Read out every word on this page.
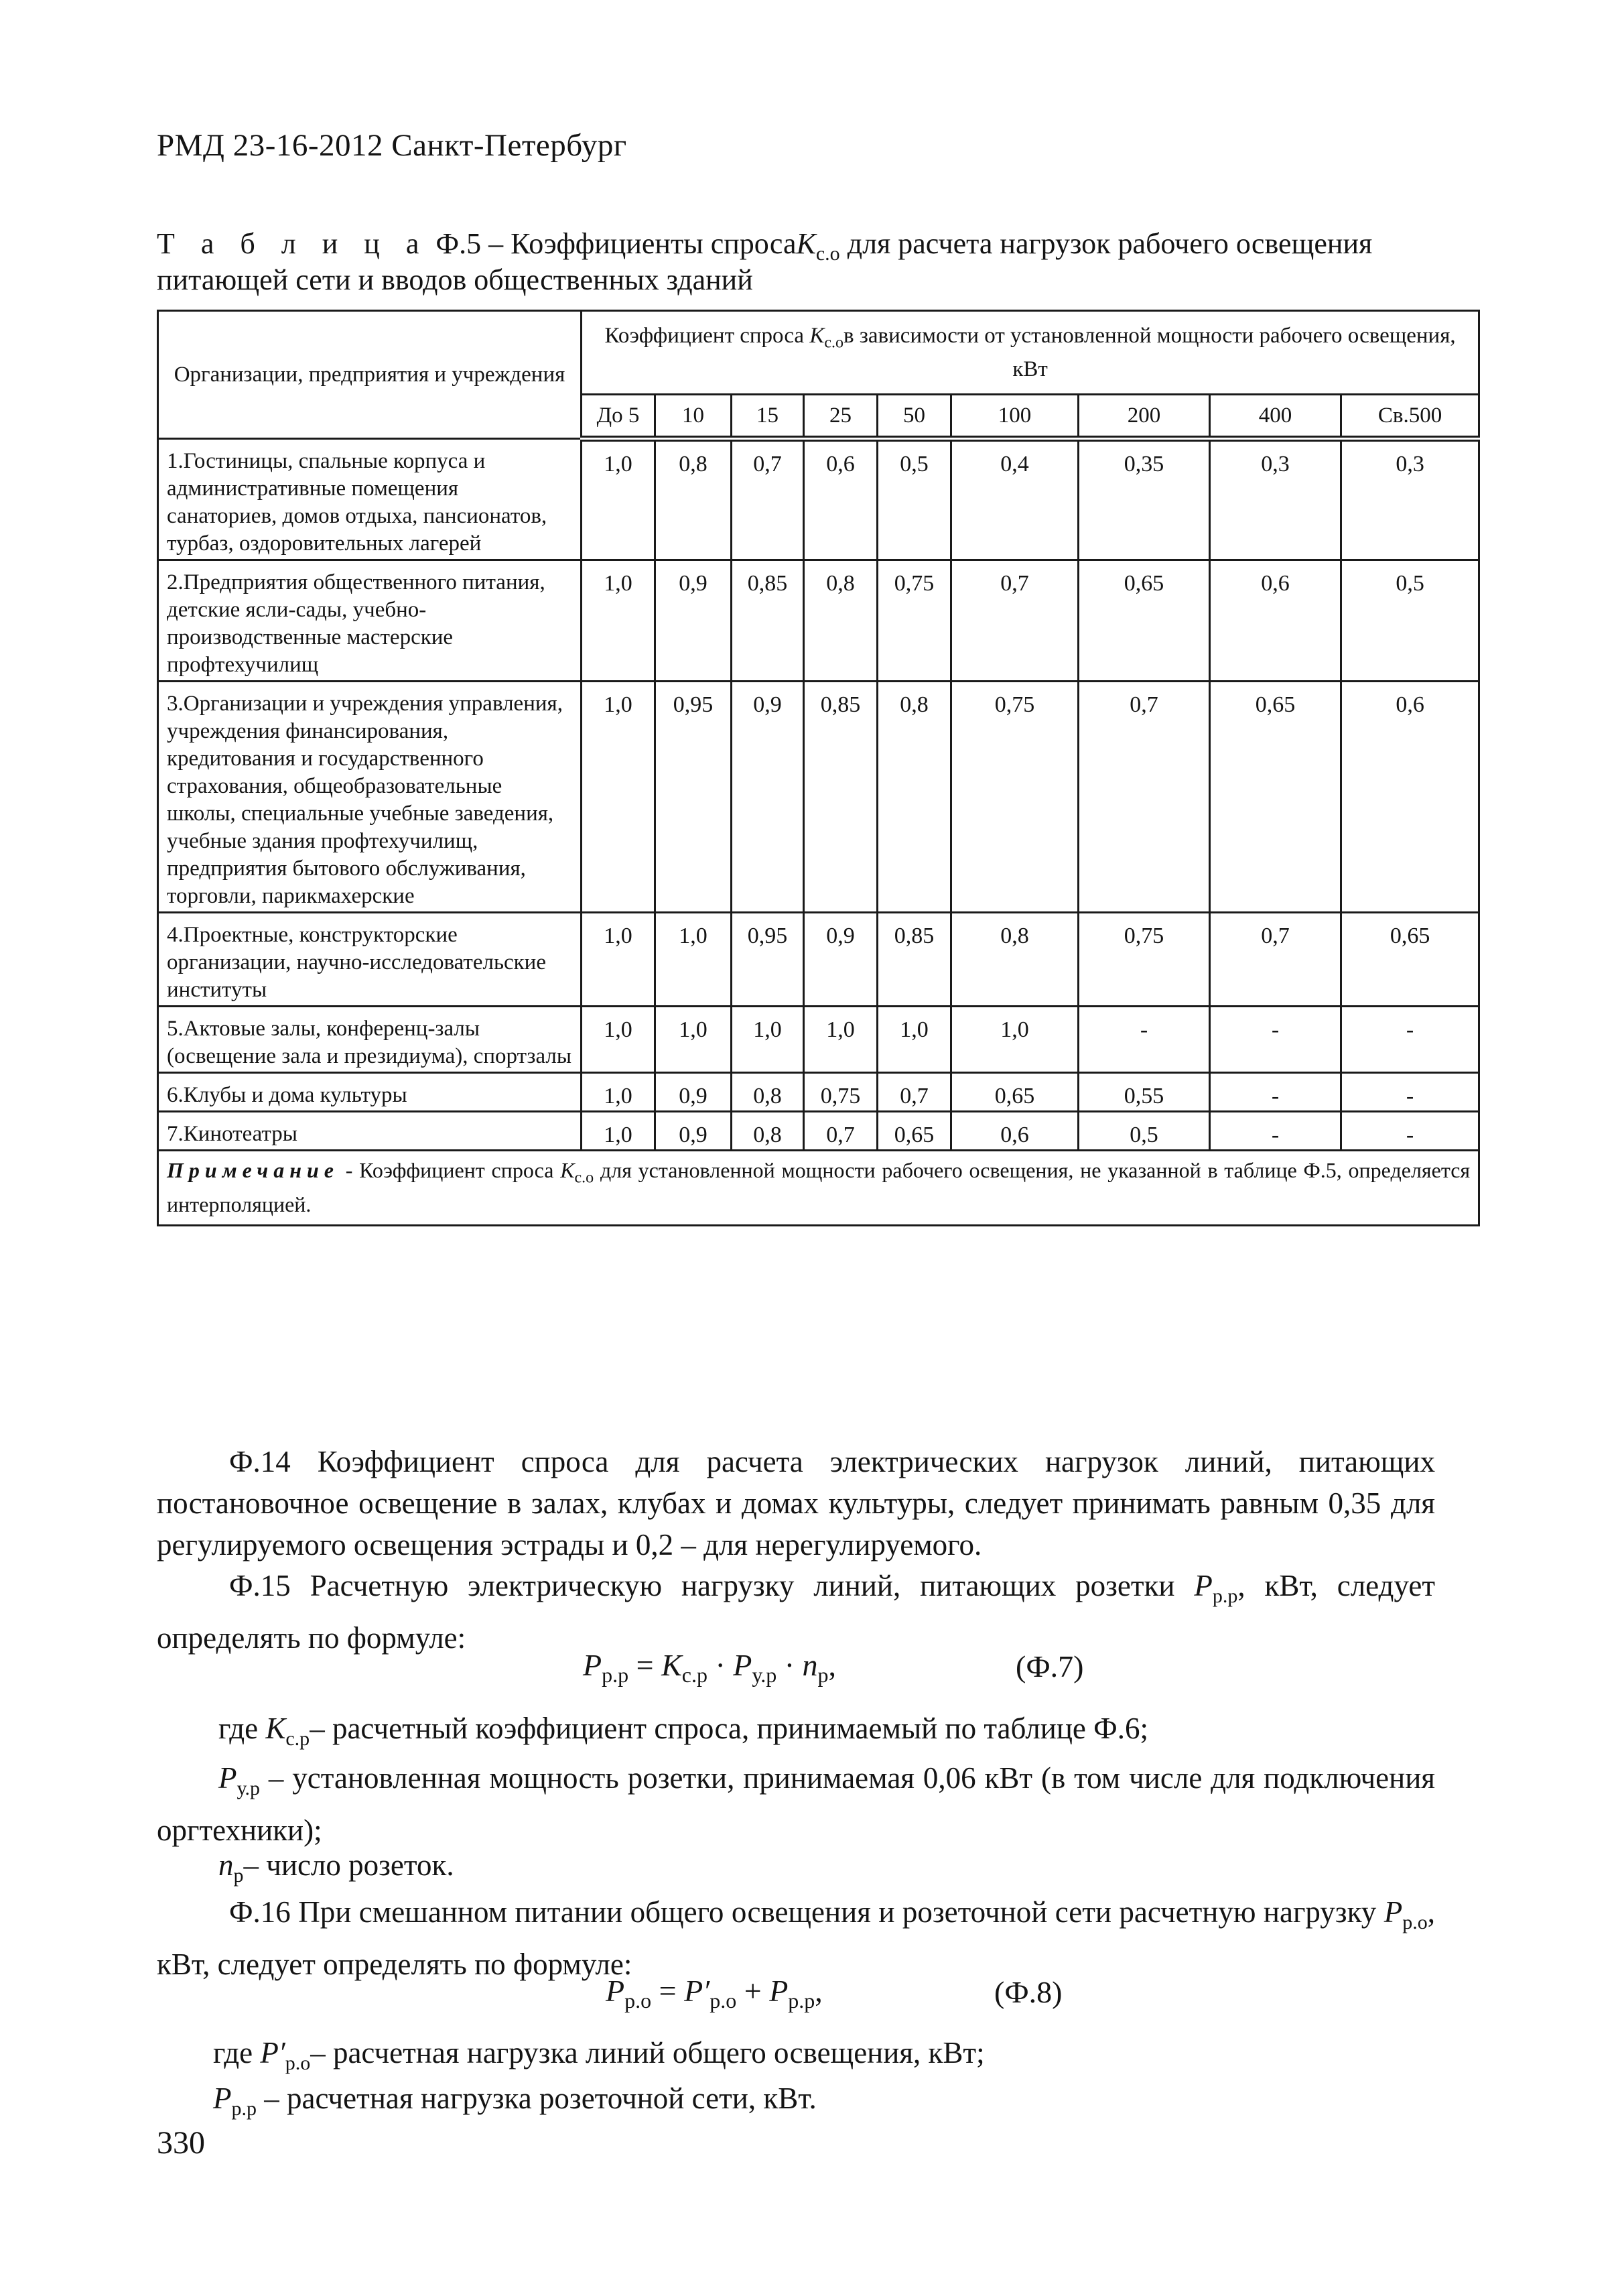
РМД 23-16-2012 Санкт-Петербург
Т а б л и ц а Ф.5 – Коэффициенты спросаK$_{с.о}$ для расчета нагрузок рабочего освещения
питающей сети и вводов общественных зданий
Организации, предприятия и учреждения	Коэффициент спроса $K_{с.о}в$ зависимости от установленной мощности рабочего освещения, кВт								
	До 5	10	15	25	50	100	200	400	Св.500
1.Гостиницы, спальные корпуса и административные помещения санаториев, домов отдыха, пансионатов, турбаз, оздоровительных лагерей	1,0	0,8	0,7	0,6	0,5	0,4	0,35	0,3	0,3
2.Предприятия общественного питания, детские ясли-сады, учебно-производственные мастерские профтехучилищ	1,0	0,9	0,85	0,8	0,75	0,7	0,65	0,6	0,5
3.Организации и учреждения управления, учреждения финансирования, кредитования и государственного страхования, общеобразовательные школы, специальные учебные заведения, учебные здания профтехучилищ, предприятия бытового обслуживания, торговли, парикмахерские	1,0	0,95	0,9	0,85	0,8	0,75	0,7	0,65	0,6
4.Проектные, конструкторские организации, научно-исследовательские институты	1,0	1,0	0,95	0,9	0,85	0,8	0,75	0,7	0,65
5.Актовые залы, конференц-залы (освещение зала и президиума), спортзалы	1,0	1,0	1,0	1,0	1,0	1,0	-	-	-
6.Клубы и дома культуры	1,0	0,9	0,8	0,75	0,7	0,65	0,55	-	-
7.Кинотеатры	1,0	0,9	0,8	0,7	0,65	0,6	0,5	-	-
Примечание - Коэффициент спроса $K_{с.о}$ для установленной мощности рабочего освещения, не указанной в таблице Ф.5, определяется интерполяцией.									
Ф.14 Коэффициент спроса для расчета электрических нагрузок линий, питающих постановочное освещение в залах, клубах и домах культуры, следует принимать равным 0,35 для регулируемого освещения эстрады и 0,2 – для нерегулируемого.
Ф.15 Расчетную электрическую нагрузку линий, питающих розетки $P_{р.р}$, кВт, следует определять по формуле:
$P_{р.р} = K_{с.р} \cdot P_{у.р} \cdot n_р$,	(Ф.7)
где $K_{с.р}-$ расчетный коэффициент спроса, принимаемый по таблице Ф.6;
$P_{у.р}$ – установленная мощность розетки, принимаемая 0,06 кВт (в том числе для подключения оргтехники);
$n_р-$ число розеток.
Ф.16 При смешанном питании общего освещения и розеточной сети расчетную нагрузку $P_{р.о}$, кВт, следует определять по формуле:
$P_{р.о} = P'_{р.о} + P_{р.р}$,	(Ф.8)
где $P'_{р.о}-$ расчетная нагрузка линий общего освещения, кВт;
$P_{р.р}$ – расчетная нагрузка розеточной сети, кВт.
330
